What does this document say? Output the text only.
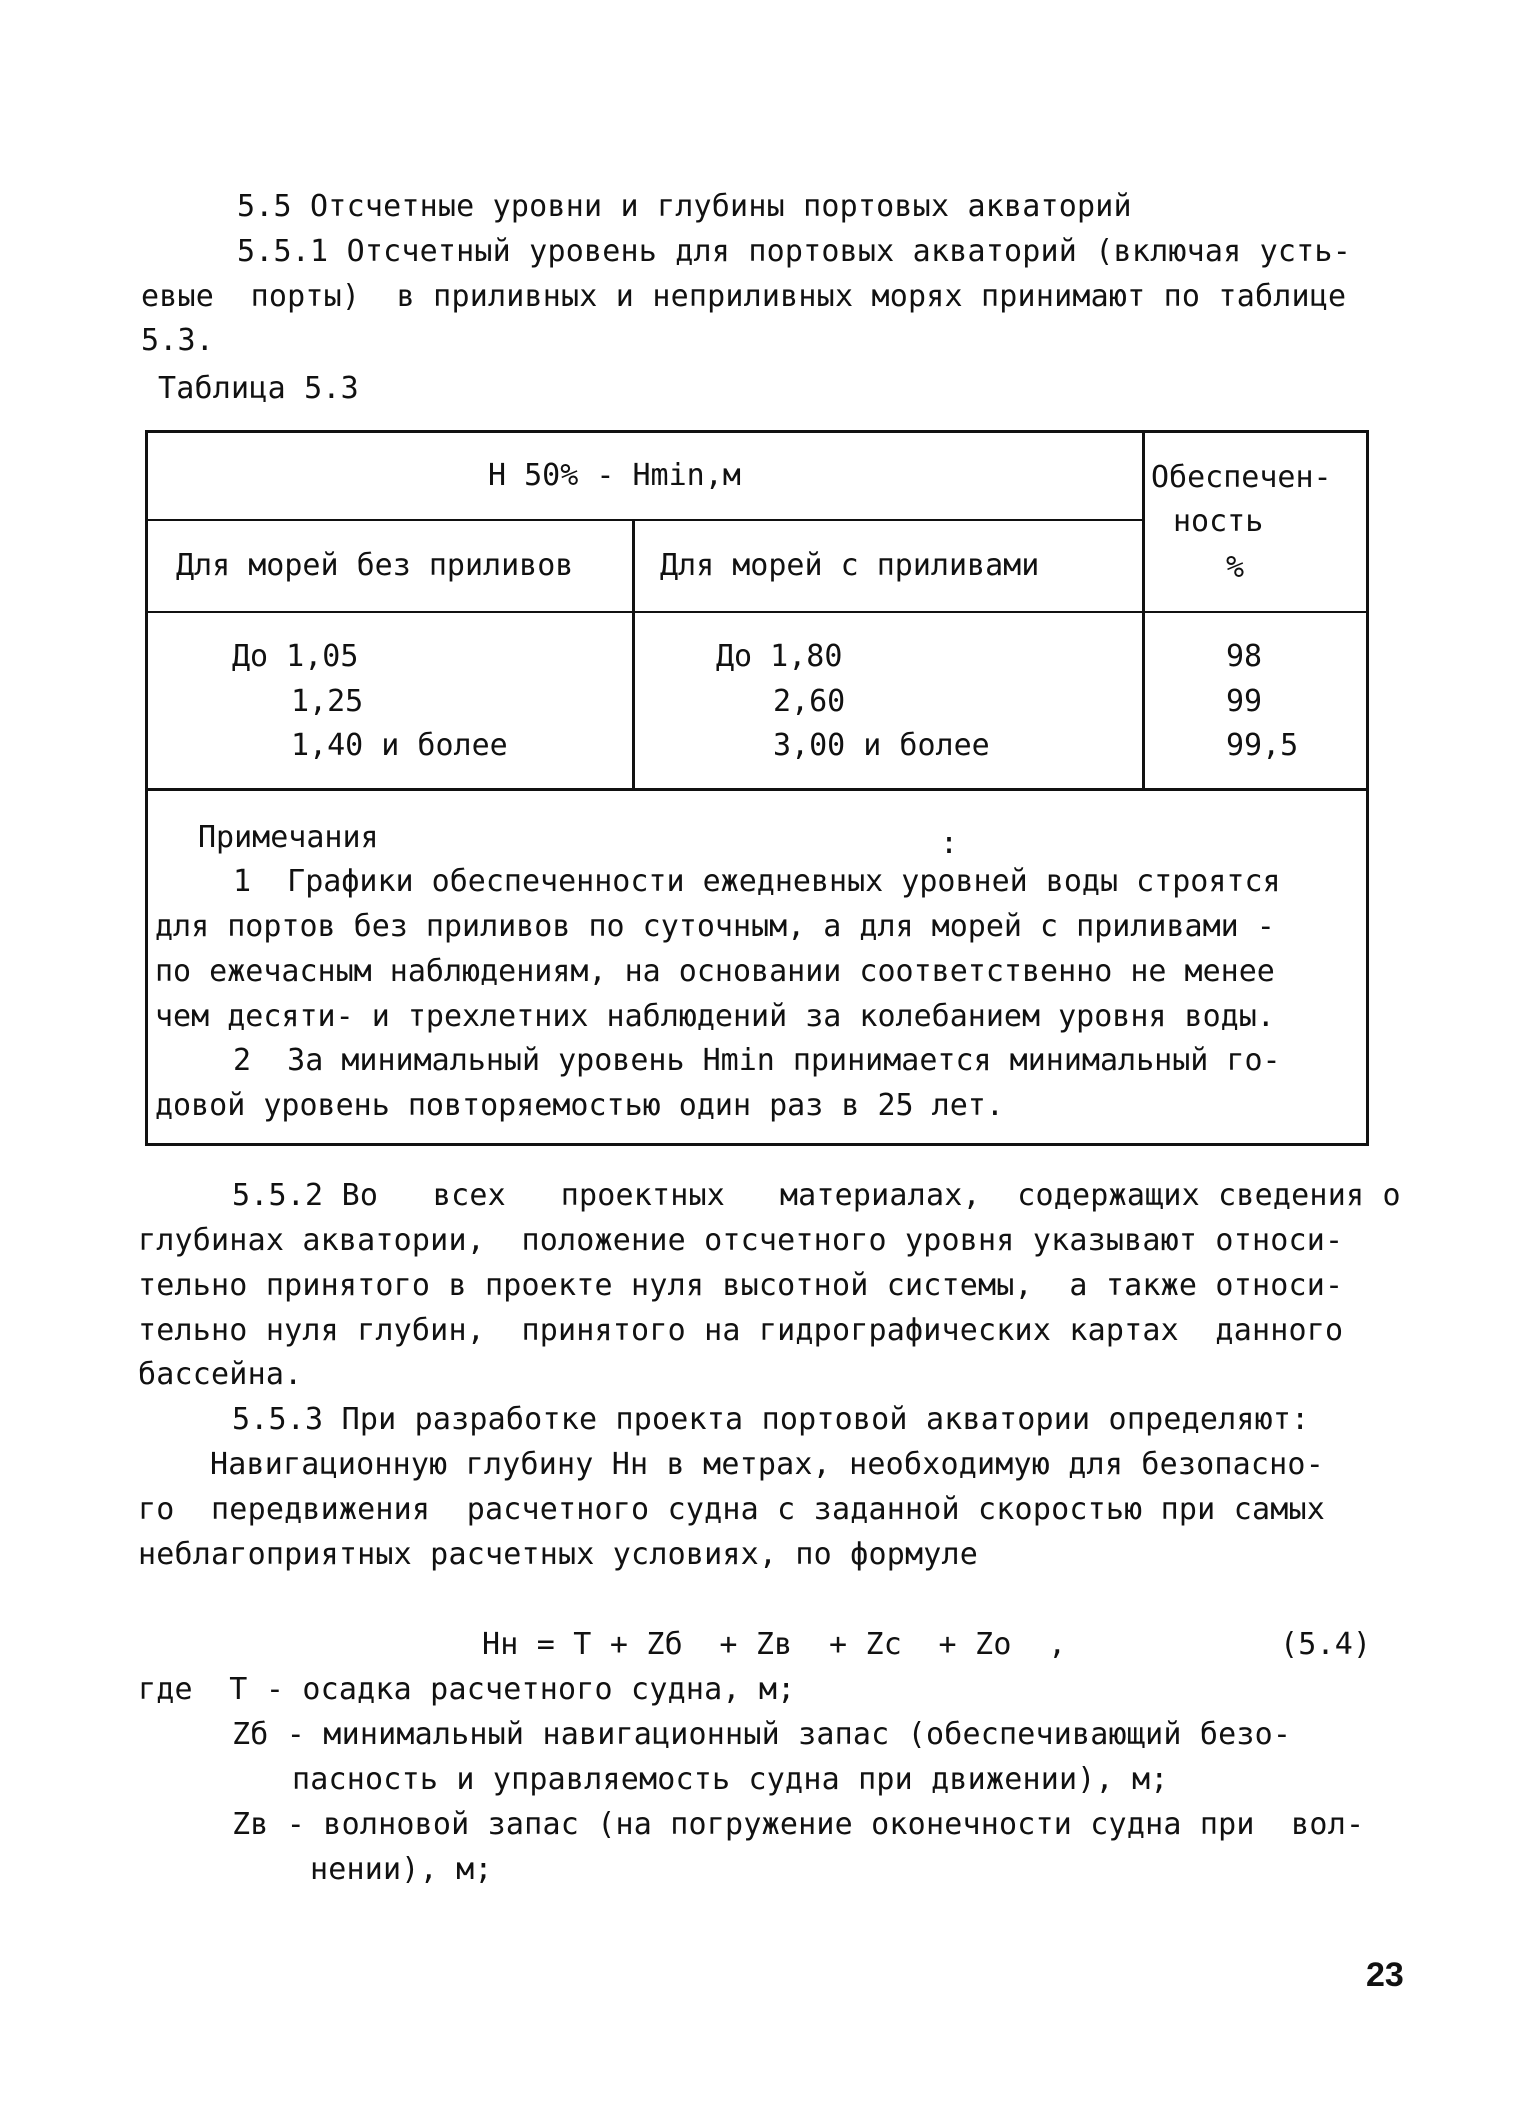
5.5 Отсчетные уровни и глубины портовых акваторий
5.5.1 Отсчетный уровень для портовых акваторий (включая усть-
евые  порты)  в приливных и неприливных морях принимают по таблице
5.3.
Таблица 5.3
Н 50% - Hmin,м	Обеспечен-
ность
%
Для морей без приливов	Для морей с приливами
До 1,05	До 1,80	98
1,25	2,60	99
1,40 и более	3,00 и более	99,5
Примечания	:
1  Графики обеспеченности ежедневных уровней воды строятся
для портов без приливов по суточным, а для морей с приливами -
по ежечасным наблюдениям, на основании соответственно не менее
чем десяти- и трехлетних наблюдений за колебанием уровня воды.
2  За минимальный уровень Hmin принимается минимальный го-
довой уровень повторяемостью один раз в 25 лет.
5.5.2 Во   всех   проектных   материалах,  содержащих сведения о
глубинах акватории,  положение отсчетного уровня указывают относи-
тельно принятого в проекте нуля высотной системы,  а также относи-
тельно нуля глубин,  принятого на гидрографических картах  данного
бассейна.
5.5.3 При разработке проекта портовой акватории определяют:
Навигационную глубину Нн в метрах, необходимую для безопасно-
го  передвижения  расчетного судна с заданной скоростью при самых
неблагоприятных расчетных условиях, по формуле
Нн = Т + Zб  + Zв  + Zс  + Zо  ,	(5.4)
где  Т - осадка расчетного судна, м;
Zб - минимальный навигационный запас (обеспечивающий безо-
пасность и управляемость судна при движении), м;
Zв - волновой запас (на погружение оконечности судна при  вол-
нении), м;
23
